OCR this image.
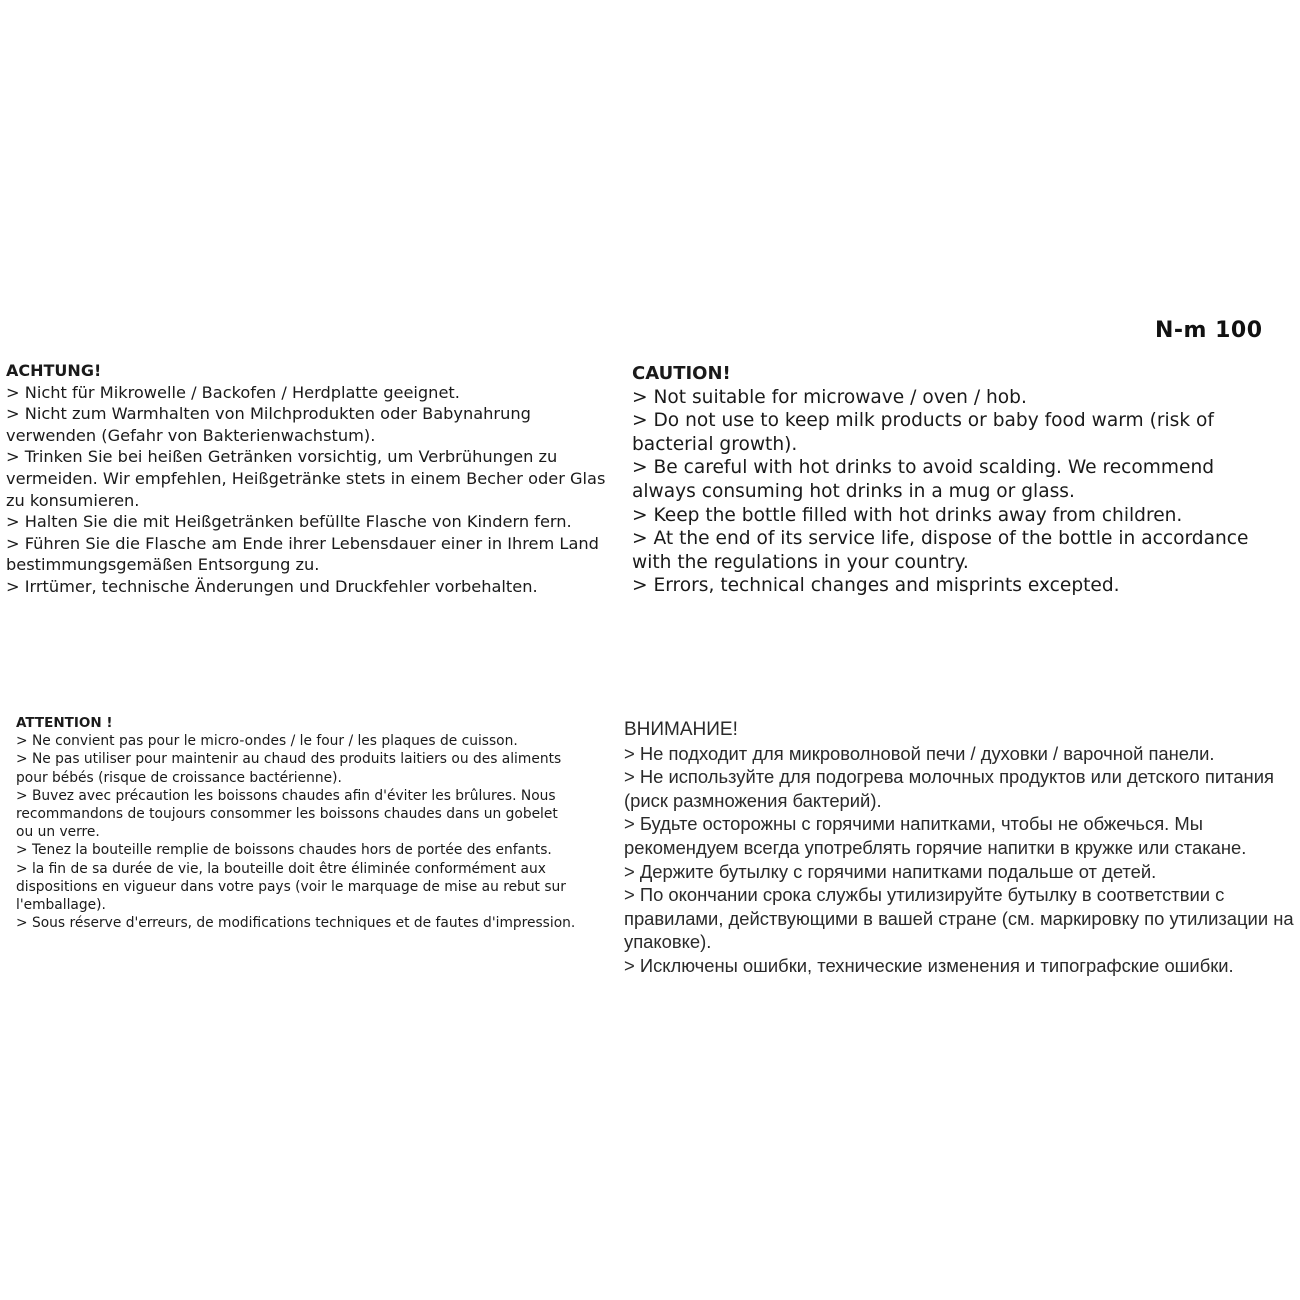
N-m 100
ACHTUNG!
> Nicht für Mikrowelle / Backofen / Herdplatte geeignet.
> Nicht zum Warmhalten von Milchprodukten oder Babynahrung verwenden (Gefahr von Bakterienwachstum).
> Trinken Sie bei heißen Getränken vorsichtig, um Verbrühungen zu vermeiden. Wir empfehlen, Heißgetränke stets in einem Becher oder Glas zu konsumieren.
> Halten Sie die mit Heißgetränken befüllte Flasche von Kindern fern.
> Führen Sie die Flasche am Ende ihrer Lebensdauer einer in Ihrem Land bestimmungsgemäßen Entsorgung zu.
> Irrtümer, technische Änderungen und Druckfehler vorbehalten.
CAUTION!
> Not suitable for microwave / oven / hob.
> Do not use to keep milk products or baby food warm (risk of bacterial growth).
> Be careful with hot drinks to avoid scalding. We recommend always consuming hot drinks in a mug or glass.
> Keep the bottle filled with hot drinks away from children.
> At the end of its service life, dispose of the bottle in accordance with the regulations in your country.
> Errors, technical changes and misprints excepted.
ATTENTION !
> Ne convient pas pour le micro-ondes / le four / les plaques de cuisson.
> Ne pas utiliser pour maintenir au chaud des produits laitiers ou des aliments pour bébés (risque de croissance bactérienne).
> Buvez avec précaution les boissons chaudes afin d'éviter les brûlures. Nous recommandons de toujours consommer les boissons chaudes dans un gobelet ou un verre.
> Tenez la bouteille remplie de boissons chaudes hors de portée des enfants.
> la fin de sa durée de vie, la bouteille doit être éliminée conformément aux dispositions en vigueur dans votre pays (voir le marquage de mise au rebut sur l'emballage).
> Sous réserve d'erreurs, de modifications techniques et de fautes d'impression.
ВНИМАНИЕ!
> Не подходит для микроволновой печи / духовки / варочной панели.
> Не используйте для подогрева молочных продуктов или детского питания (риск размножения бактерий).
> Будьте осторожны с горячими напитками, чтобы не обжечься. Мы рекомендуем всегда употреблять горячие напитки в кружке или стакане.
> Держите бутылку с горячими напитками подальше от детей.
> По окончании срока службы утилизируйте бутылку в соответствии с правилами, действующими в вашей стране (см. маркировку по утилизации на упаковке).
> Исключены ошибки, технические изменения и типографские ошибки.
